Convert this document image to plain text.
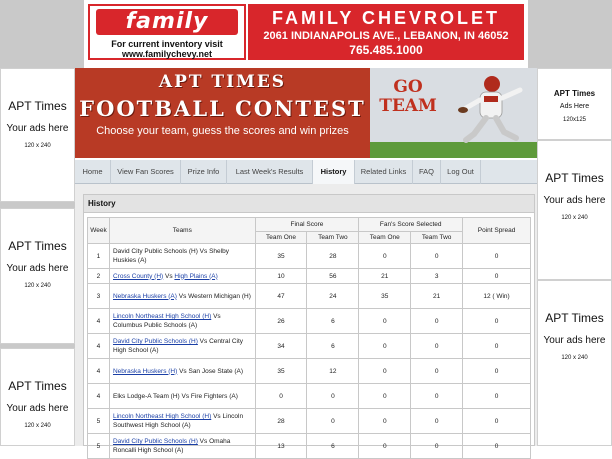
family
For current inventory visit
www.familychevy.net
FAMILY CHEVROLET
2061 INDIANAPOLIS AVE., LEBANON, IN 46052
765.485.1000
APT Times
Your ads here
120 x 240
APT Times
Your ads here
120 x 240
APT Times
Your ads here
120 x 240
APT Times
Ads Here
120x125
APT Times
Your ads here
120 x 240
APT Times
Your ads here
120 x 240
APT TIMES
FOOTBALL CONTEST
Choose your team, guess the scores and win prizes
GO TEAM
Home	View Fan Scores	Prize Info	Last Week's Results	History	Related Links	FAQ	Log Out
History
Week	Teams	Final Score		Fan's Score Selected		Point Spread
		Team One	Team Two	Team One	Team Two	
1	David City Public Schools (H) Vs Shelby Huskies (A)	35	28	0	0	0
2	Cross County (H) Vs High Plains (A)	10	56	21	3	0
3	Nebraska Huskers (A) Vs Western Michigan (H)	47	24	35	21	12 ( Win)
4	Lincoln Northeast High School (H) Vs Columbus Public Schools (A)	26	6	0	0	0
4	David City Public Schools (H) Vs Central City High School (A)	34	6	0	0	0
4	Nebraska Huskers (H) Vs San Jose State (A)	35	12	0	0	0
4	Elks Lodge-A Team (H) Vs Fire Fighters (A)	0	0	0	0	0
5	Lincoln Northeast High School (H) Vs Lincoln Southwest High School (A)	28	0	0	0	0
5	David City Public Schools (H) Vs Omaha Roncalli High School (A)	13	6	0	0	0
